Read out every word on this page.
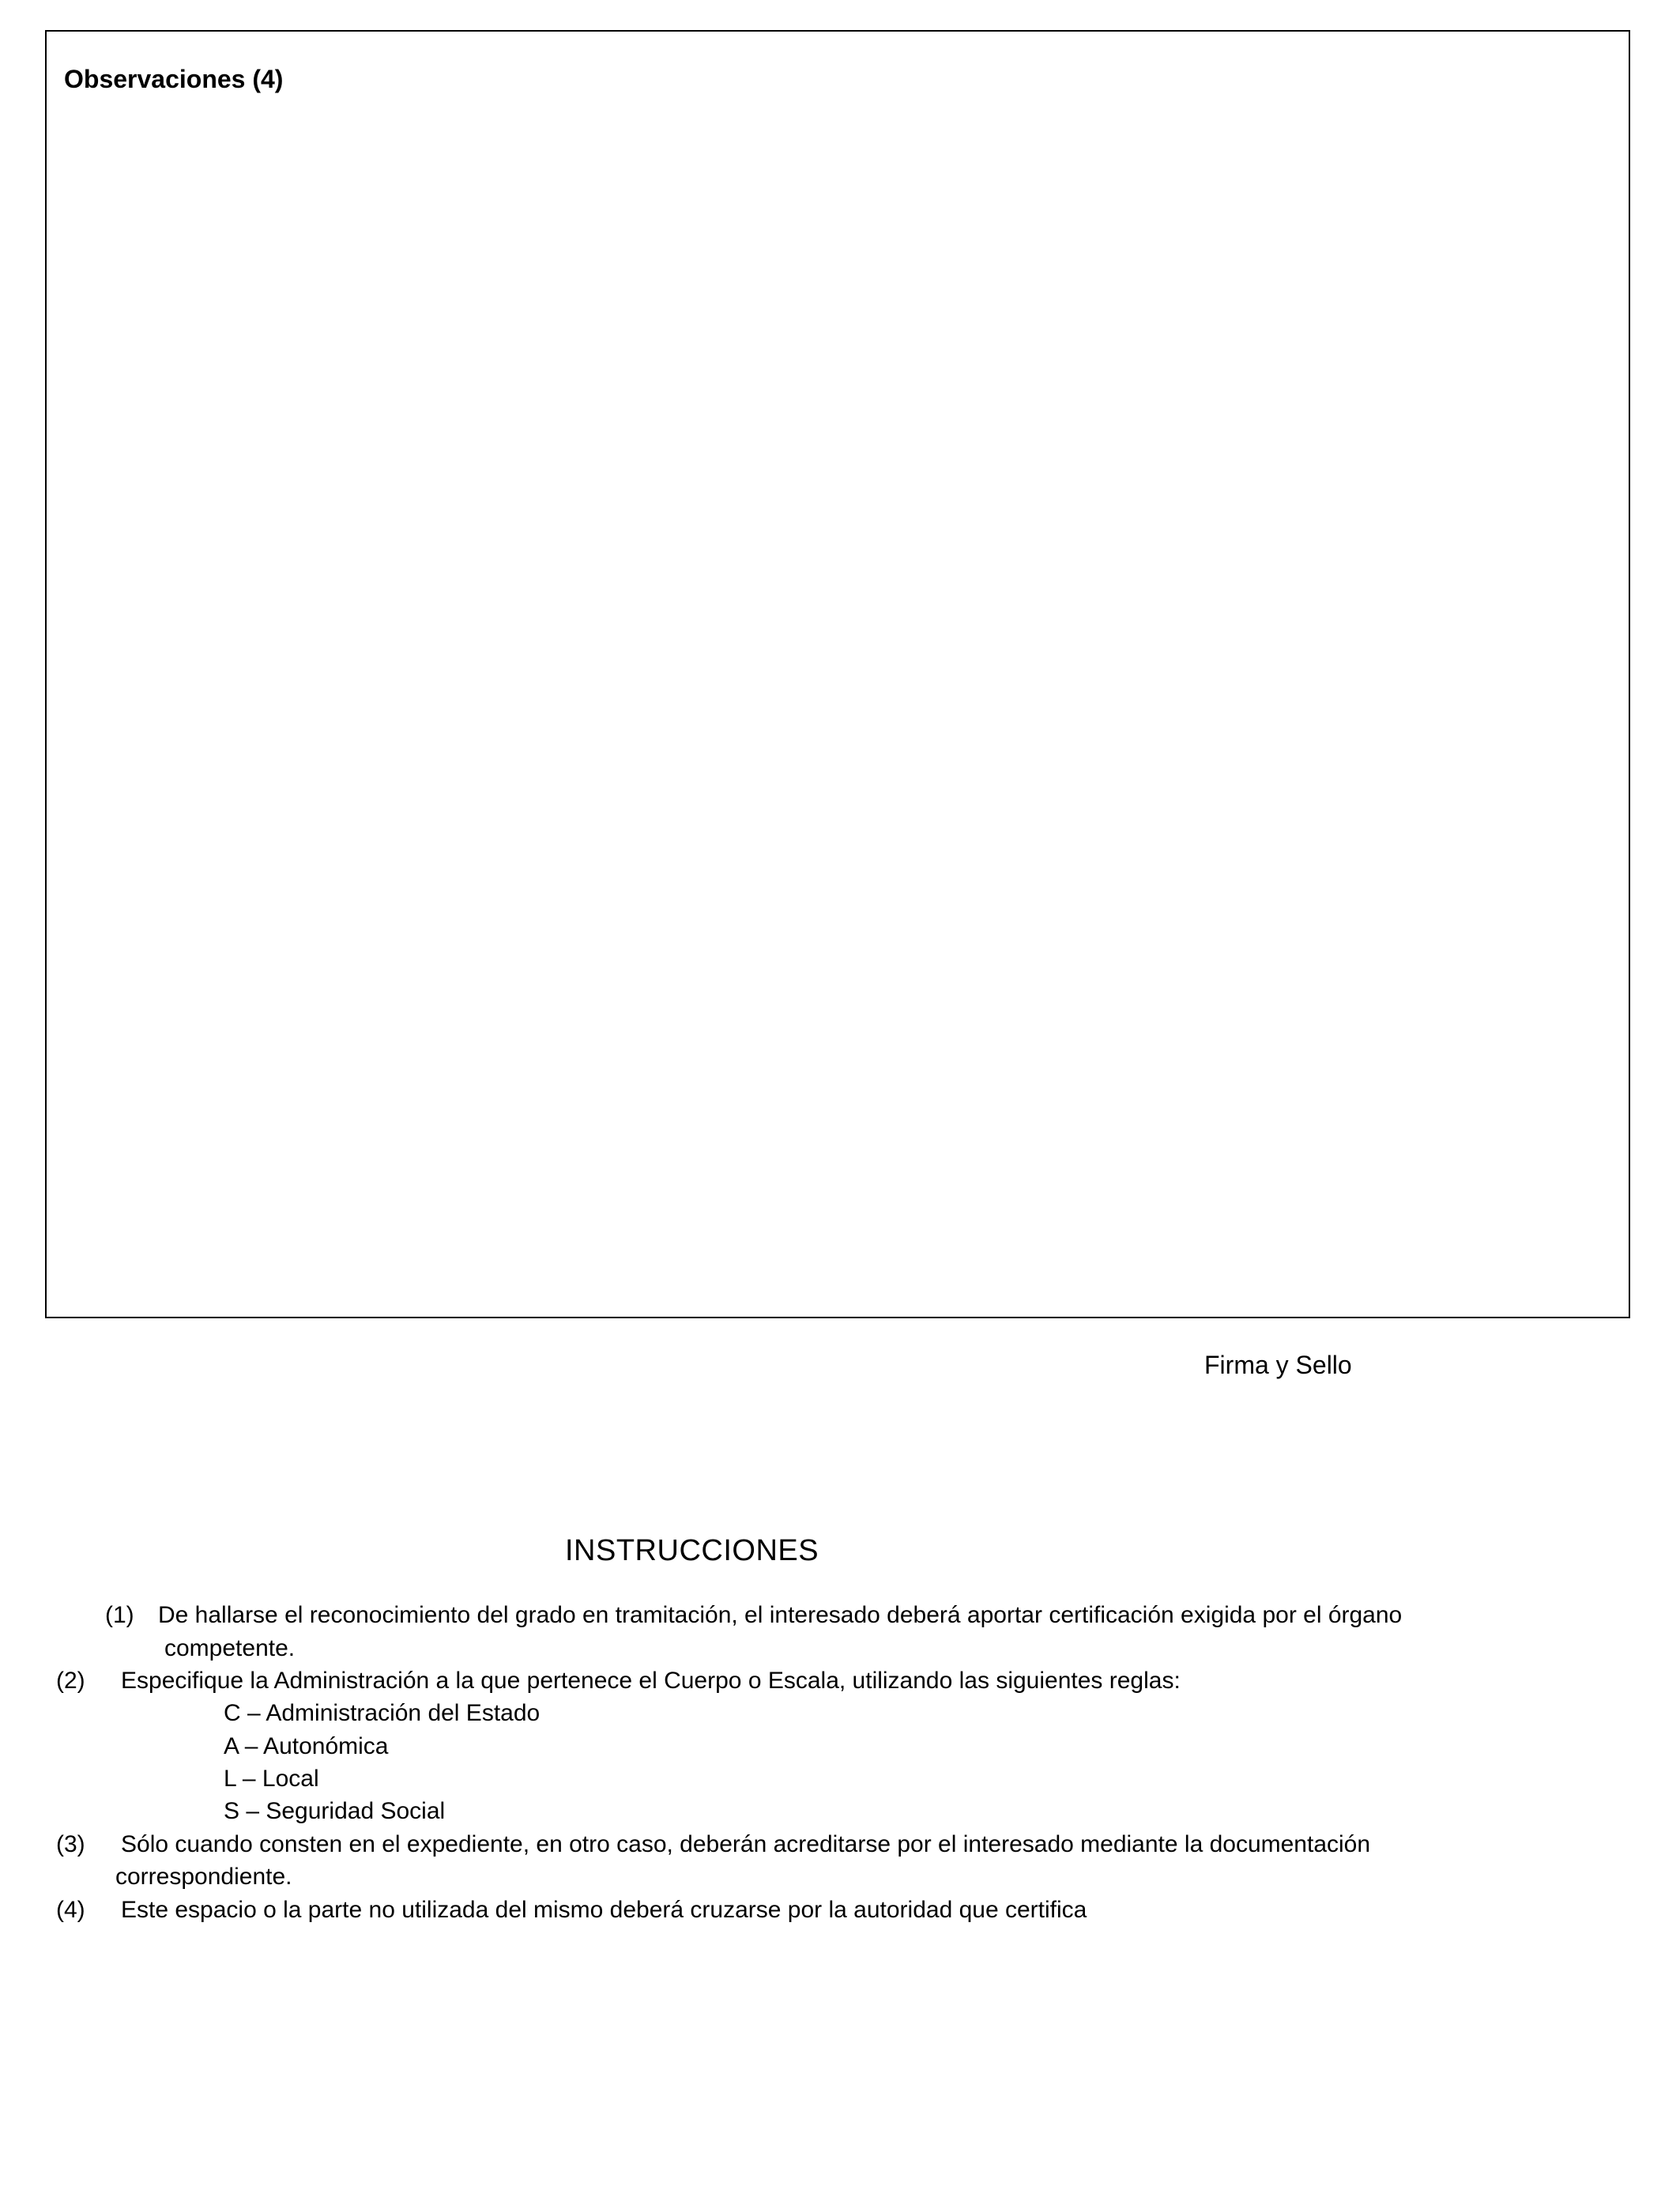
Observaciones (4)
Firma y Sello
INSTRUCCIONES
(1) De hallarse el reconocimiento del grado en tramitación, el interesado deberá aportar certificación exigida por el órgano
competente.
(2) Especifique la Administración a la que pertenece el Cuerpo o Escala, utilizando las siguientes reglas:
C – Administración del Estado
A – Autonómica
L – Local
S – Seguridad Social
(3) Sólo cuando consten en el expediente, en otro caso, deberán acreditarse por el interesado mediante la documentación
correspondiente.
(4) Este espacio o la parte no utilizada del mismo deberá cruzarse por la autoridad que certifica
